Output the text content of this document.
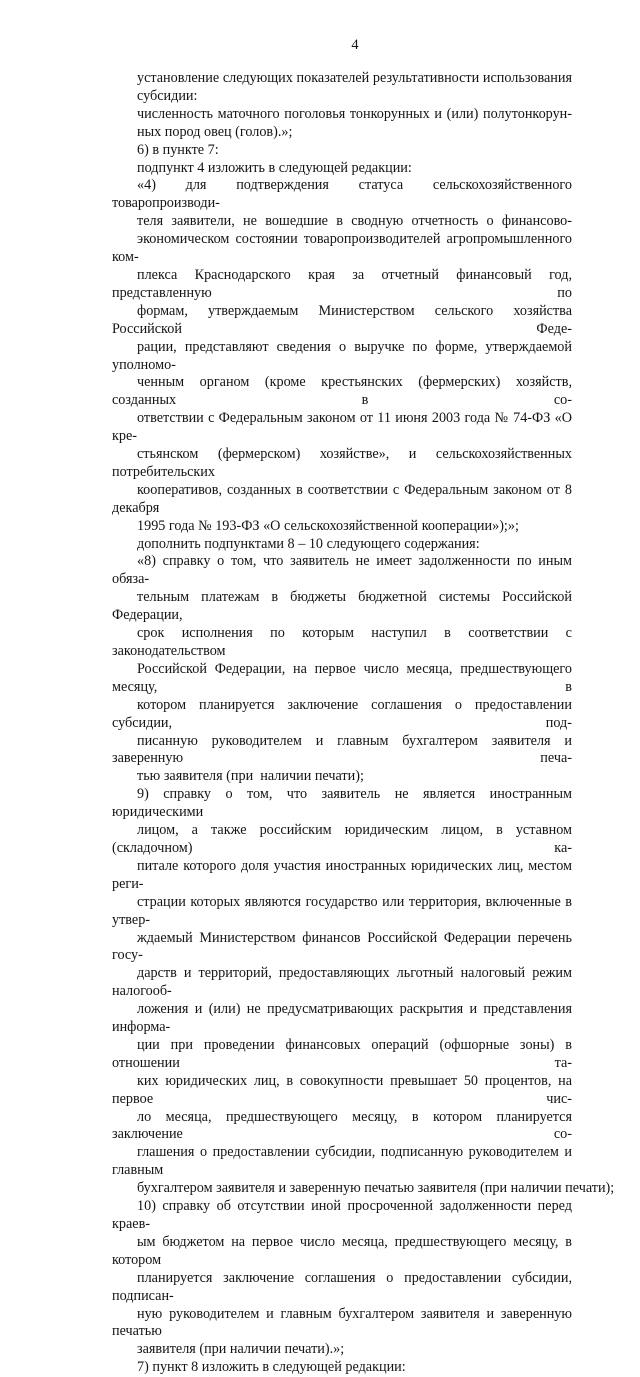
4
установление следующих показателей результативности использования
субсидии:
численность маточного поголовья тонкорунных и (или) полутонкорун-
ных пород овец (голов).»;
6) в пункте 7:
подпункт 4 изложить в следующей редакции:
«4) для подтверждения статуса сельскохозяйственного товаропроизводи-
теля заявители, не вошедшие в сводную отчетность о финансово-
экономическом состоянии товаропроизводителей агропромышленного ком-
плекса Краснодарского края за отчетный финансовый год, представленную по
формам, утверждаемым Министерством сельского хозяйства Российской Феде-
рации, представляют сведения о выручке по форме, утверждаемой уполномо-
ченным органом (кроме крестьянских (фермерских) хозяйств, созданных в со-
ответствии с Федеральным законом от 11 июня 2003 года № 74-ФЗ «О кре-
стьянском (фермерском) хозяйстве», и сельскохозяйственных потребительских
кооперативов, созданных в соответствии с Федеральным законом от 8 декабря
1995 года № 193-ФЗ «О сельскохозяйственной кооперации»);»;
дополнить подпунктами 8 – 10 следующего содержания:
«8) справку о том, что заявитель не имеет задолженности по иным обяза-
тельным платежам в бюджеты бюджетной системы Российской Федерации,
срок исполнения по которым наступил в соответствии с законодательством
Российской Федерации, на первое число месяца, предшествующего месяцу, в
котором планируется заключение соглашения о предоставлении субсидии, под-
писанную руководителем и главным бухгалтером заявителя и заверенную печа-
тью заявителя (при  наличии печати);
9) справку о том, что заявитель не является иностранным юридическими
лицом, а также российским юридическим лицом, в уставном (складочном) ка-
питале которого доля участия иностранных юридических лиц, местом реги-
страции которых являются государство или территория, включенные в утвер-
ждаемый Министерством финансов Российской Федерации перечень госу-
дарств и территорий, предоставляющих льготный налоговый режим налогооб-
ложения и (или) не предусматривающих раскрытия и представления информа-
ции при проведении финансовых операций (офшорные зоны) в отношении та-
ких юридических лиц, в совокупности превышает 50 процентов, на первое чис-
ло месяца, предшествующего месяцу, в котором планируется заключение со-
глашения о предоставлении субсидии, подписанную руководителем и главным
бухгалтером заявителя и заверенную печатью заявителя (при наличии печати);
10) справку об отсутствии иной просроченной задолженности перед краев-
ым бюджетом на первое число месяца, предшествующего месяцу, в котором
планируется заключение соглашения о предоставлении субсидии, подписан-
ную руководителем и главным бухгалтером заявителя и заверенную печатью
заявителя (при наличии печати).»;
7) пункт 8 изложить в следующей редакции:
